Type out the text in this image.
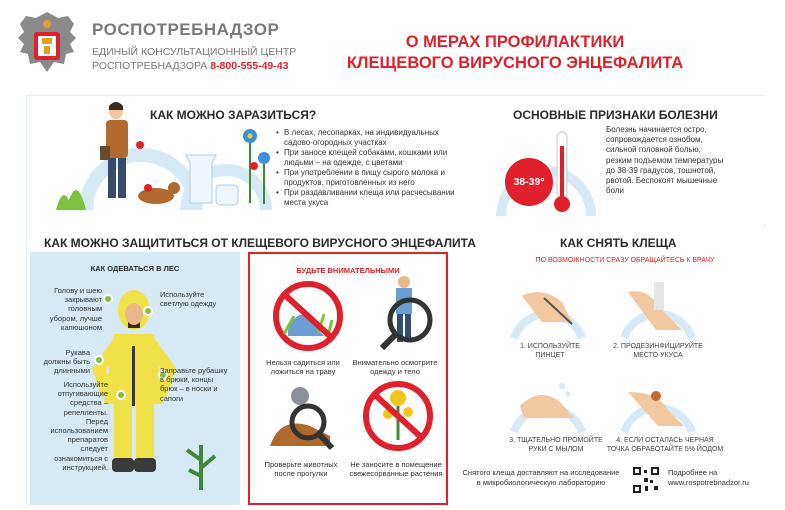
РОСПОТРЕБНАДЗОР
ЕДИНЫЙ КОНСУЛЬТАЦИОННЫЙ ЦЕНТР
РОСПОТРЕБНАДЗОРА 8-800-555-49-43
О МЕРАХ ПРОФИЛАКТИКИ
КЛЕЩЕВОГО ВИРУСНОГО ЭНЦЕФАЛИТА
КАК МОЖНО ЗАРАЗИТЬСЯ?
• В лесах, лесопарках, на индивидуальных садово-огородных участках
• При заносе клещей собаками, кошками или людьми – на одежде, с цветами
• При употреблении в пищу сырого молока и продуктов, приготовленных из него
• При раздавливании клеща или расчесывании места укуса
ОСНОВНЫЕ ПРИЗНАКИ БОЛЕЗНИ
38-39°
Болезнь начинается остро, сопровождается ознобом, сильной головной болью, резким подъемом температуры до 38-39 градусов, тошнотой, рвотой. Беспокоят мышечные боли
КАК МОЖНО ЗАЩИТИТЬСЯ ОТ КЛЕЩЕВОГО ВИРУСНОГО ЭНЦЕФАЛИТА	КАК СНЯТЬ КЛЕЩА
КАК ОДЕВАТЬСЯ В ЛЕС
Голову и шею закрывают головным убором, лучше капюшоном
Используйте светлую одежду
Рукава должны быть длинными
Используйте отпугивающие средства – репелленты. Перед использованием препаратов следует ознакомиться с инструкцией.
Заправьте рубашку в брюки, концы брюк – в носки и сапоги
БУДЬТЕ ВНИМАТЕЛЬНЫМИ
Нельзя садиться или ложиться на траву
Внимательно осмотрите одежду и тело
Проверьте животных после прогулки
Не заносите в помещение свежесорванные растения
ПО ВОЗМОЖНОСТИ СРАЗУ ОБРАЩАЙТЕСЬ К ВРАЧУ
1. ИСПОЛЬЗУЙТЕ ПИНЦЕТ
2. ПРОДЕЗИНФИЦИРУЙТЕ МЕСТО УКУСА
3. ТЩАТЕЛЬНО ПРОМОЙТЕ РУКИ С МЫЛОМ
4. ЕСЛИ ОСТАЛАСЬ ЧЕРНАЯ ТОЧКА ОБРАБОТАЙТЕ 5% ЙОДОМ
Снятого клеща доставляют на исследование в микробиологическую лабораторию
Подробнее на
www.rospotrebnadzor.ru
